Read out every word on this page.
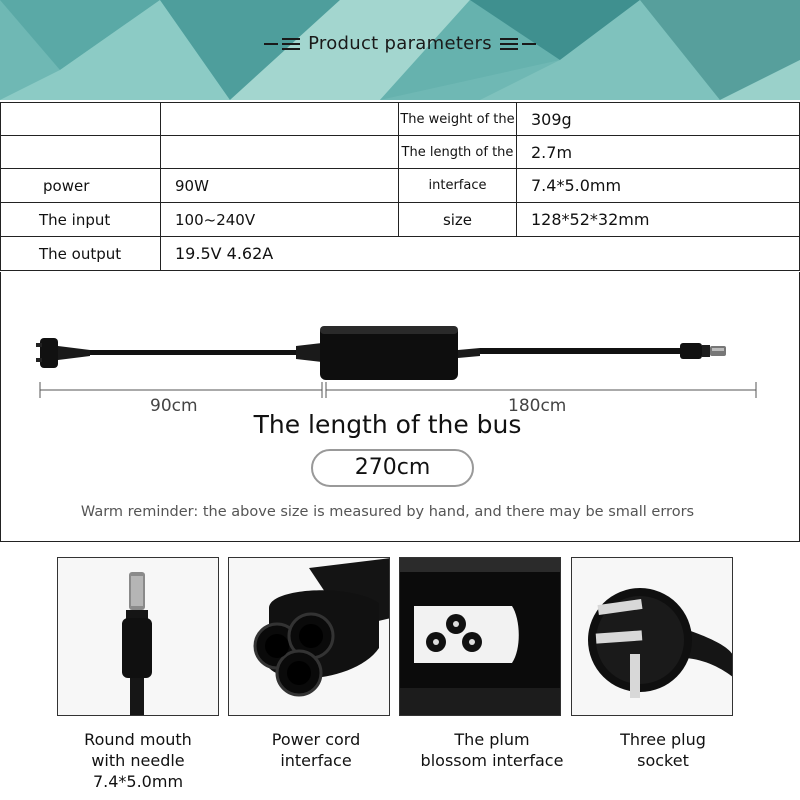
Product parameters
		The weight of the	309g
		The length of the	2.7m
power	90W	interface	7.4*5.0mm
The input	100~240V	size	128*52*32mm
The output	19.5V 4.62A		
90cm	180cm
The length of the bus
270cm
Warm reminder: the above size is measured by hand, and there may be small errors
Round mouth
with needle
7.4*5.0mm
Power cord
interface
The plum
blossom interface
Three plug
socket
